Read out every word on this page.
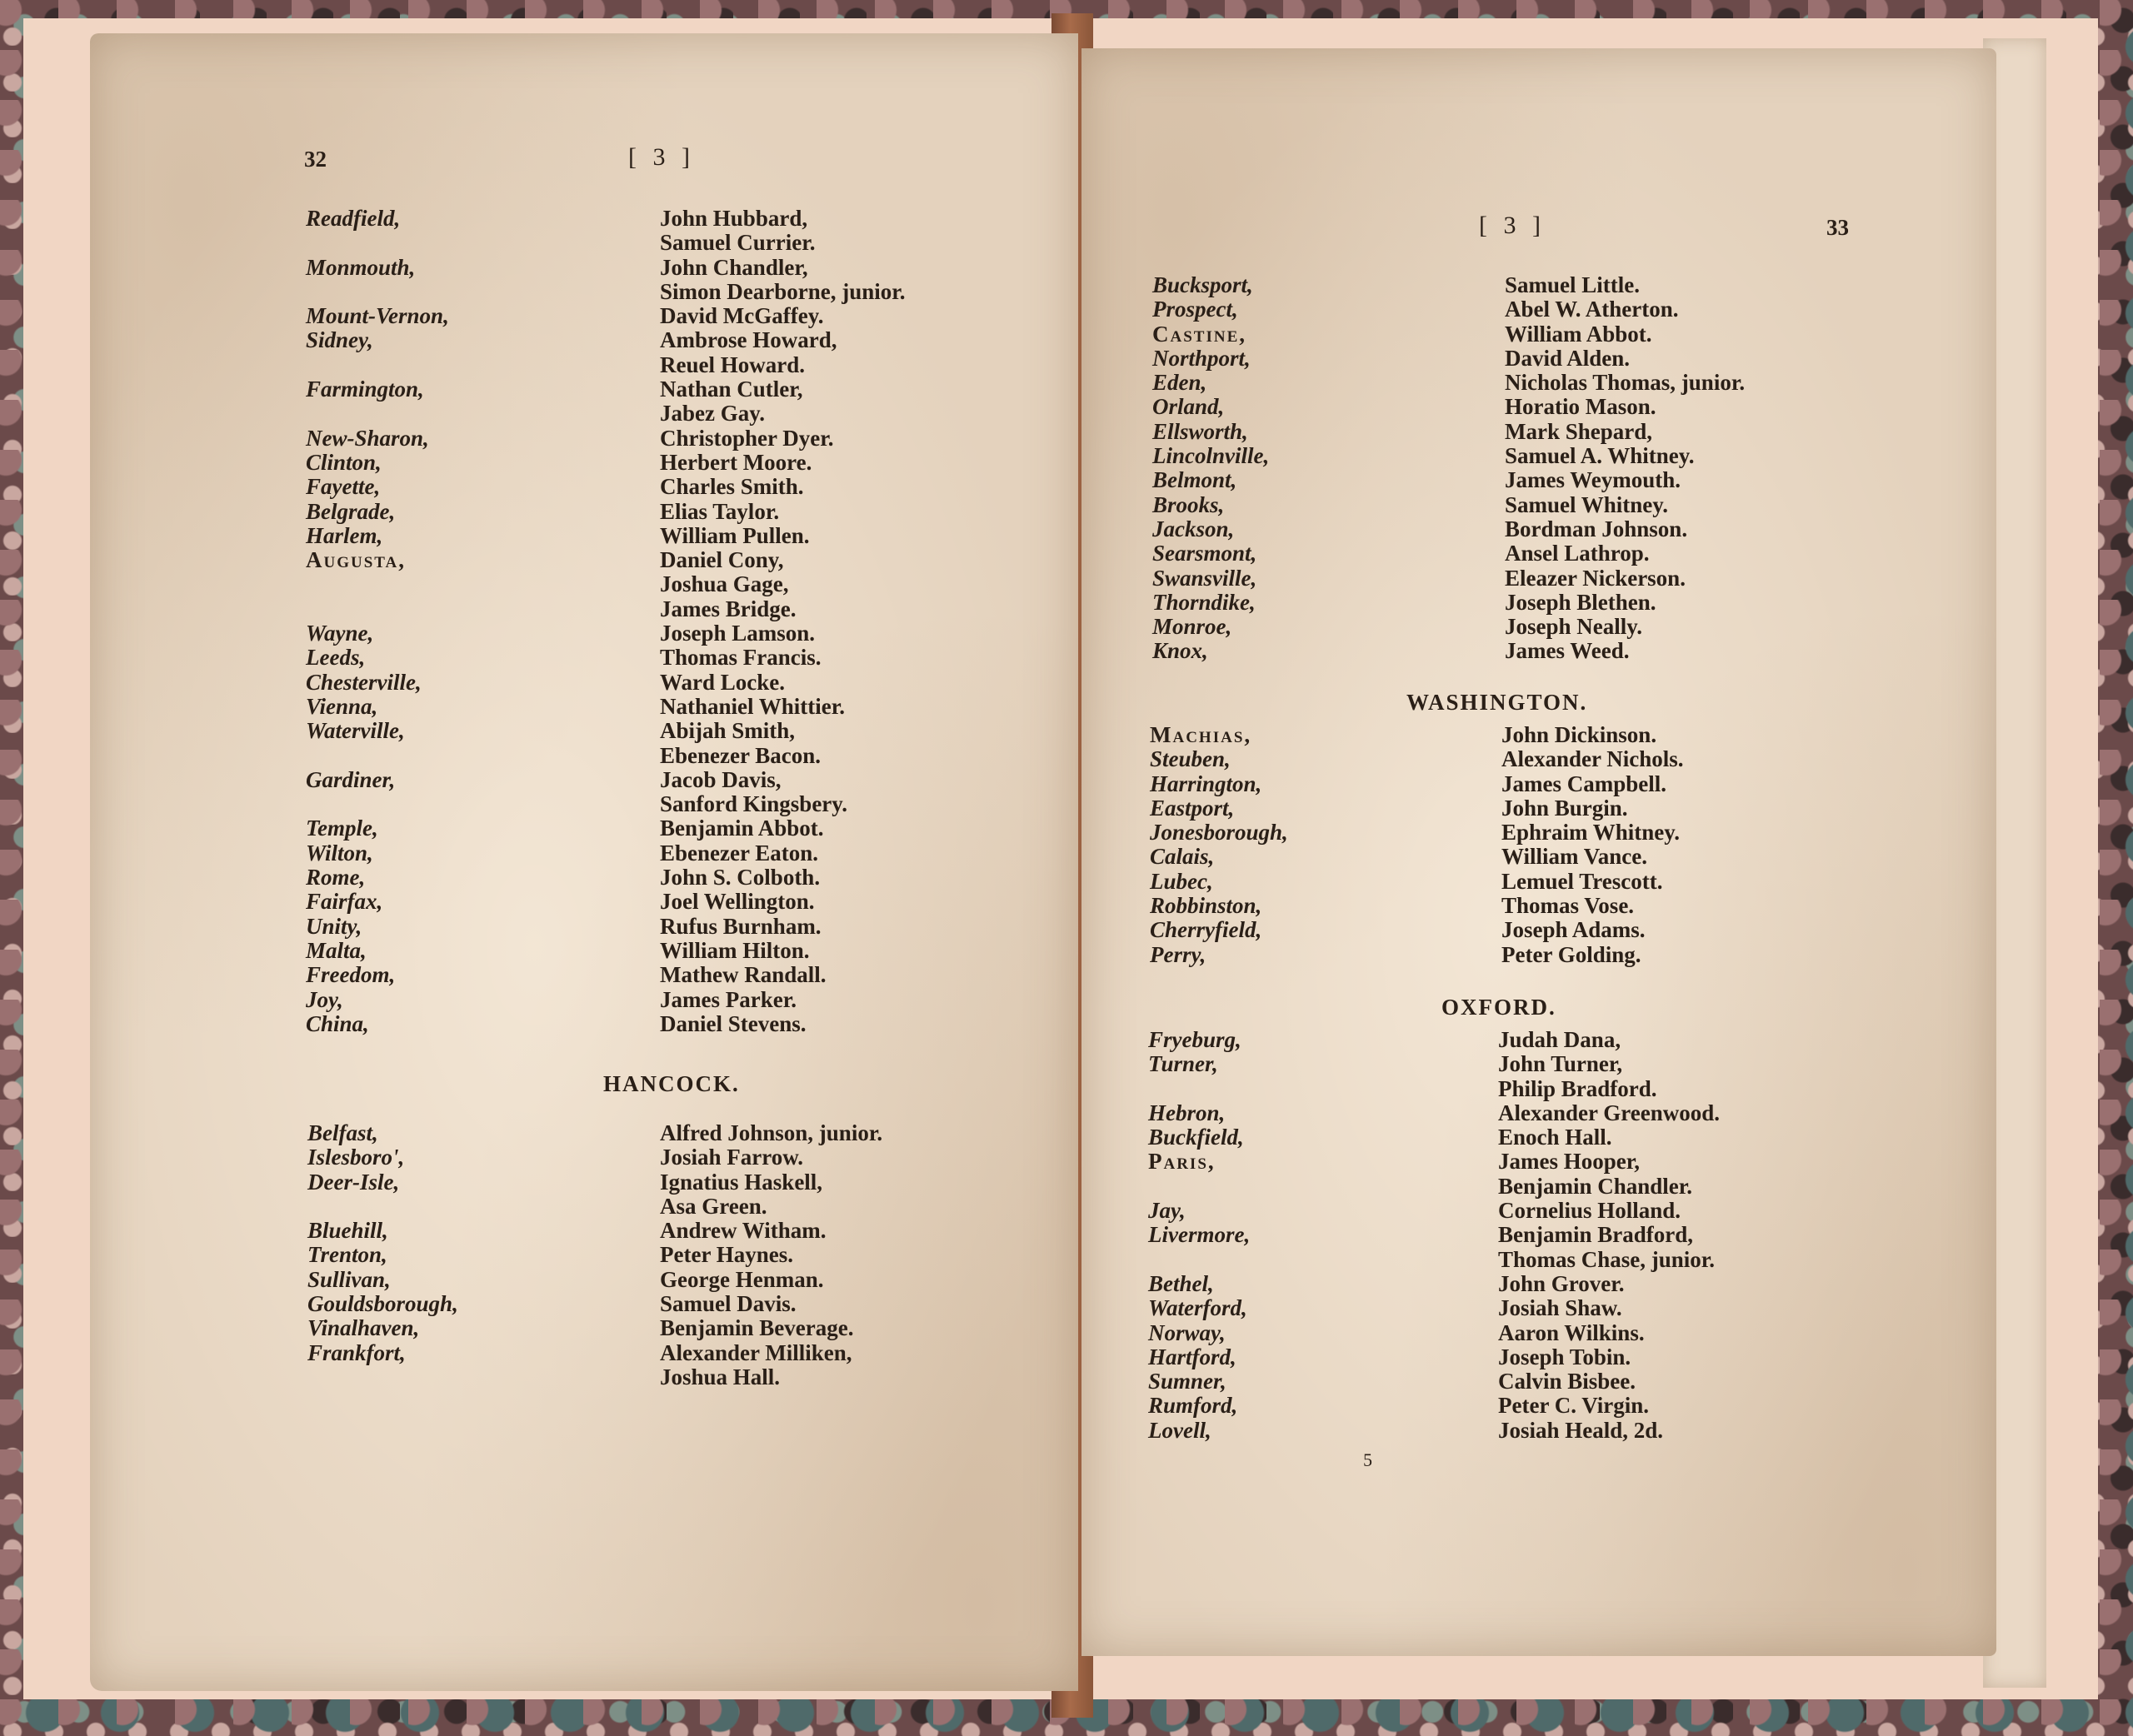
32	[ 3 ]
Readfield,
Monmouth,
Mount-Vernon,
Sidney,
Farmington,
New-Sharon,
Clinton,
Fayette,
Belgrade,
Harlem,
Augusta,
Wayne,
Leeds,
Chesterville,
Vienna,
Waterville,
Gardiner,
Temple,
Wilton,
Rome,
Fairfax,
Unity,
Malta,
Freedom,
Joy,
China,
John Hubbard,
Samuel Currier.
John Chandler,
Simon Dearborne, junior.
David McGaffey.
Ambrose Howard,
Reuel Howard.
Nathan Cutler,
Jabez Gay.
Christopher Dyer.
Herbert Moore.
Charles Smith.
Elias Taylor.
William Pullen.
Daniel Cony,
Joshua Gage,
James Bridge.
Joseph Lamson.
Thomas Francis.
Ward Locke.
Nathaniel Whittier.
Abijah Smith,
Ebenezer Bacon.
Jacob Davis,
Sanford Kingsbery.
Benjamin Abbot.
Ebenezer Eaton.
John S. Colboth.
Joel Wellington.
Rufus Burnham.
William Hilton.
Mathew Randall.
James Parker.
Daniel Stevens.
HANCOCK.
Belfast,
Islesboro',
Deer-Isle,
Bluehill,
Trenton,
Sullivan,
Gouldsborough,
Vinalhaven,
Frankfort,
Alfred Johnson, junior.
Josiah Farrow.
Ignatius Haskell,
Asa Green.
Andrew Witham.
Peter Haynes.
George Henman.
Samuel Davis.
Benjamin Beverage.
Alexander Milliken,
Joshua Hall.
[ 3 ]	33
Bucksport,
Prospect,
Castine,
Northport,
Eden,
Orland,
Ellsworth,
Lincolnville,
Belmont,
Brooks,
Jackson,
Searsmont,
Swansville,
Thorndike,
Monroe,
Knox,
Samuel Little.
Abel W. Atherton.
William Abbot.
David Alden.
Nicholas Thomas, junior.
Horatio Mason.
Mark Shepard,
Samuel A. Whitney.
James Weymouth.
Samuel Whitney.
Bordman Johnson.
Ansel Lathrop.
Eleazer Nickerson.
Joseph Blethen.
Joseph Neally.
James Weed.
WASHINGTON.
Machias,
Steuben,
Harrington,
Eastport,
Jonesborough,
Calais,
Lubec,
Robbinston,
Cherryfield,
Perry,
John Dickinson.
Alexander Nichols.
James Campbell.
John Burgin.
Ephraim Whitney.
William Vance.
Lemuel Trescott.
Thomas Vose.
Joseph Adams.
Peter Golding.
OXFORD.
Fryeburg,
Turner,
Hebron,
Buckfield,
Paris,
Jay,
Livermore,
Bethel,
Waterford,
Norway,
Hartford,
Sumner,
Rumford,
Lovell,
Judah Dana,
John Turner,
Philip Bradford.
Alexander Greenwood.
Enoch Hall.
James Hooper,
Benjamin Chandler.
Cornelius Holland.
Benjamin Bradford,
Thomas Chase, junior.
John Grover.
Josiah Shaw.
Aaron Wilkins.
Joseph Tobin.
Calvin Bisbee.
Peter C. Virgin.
Josiah Heald, 2d.
5
